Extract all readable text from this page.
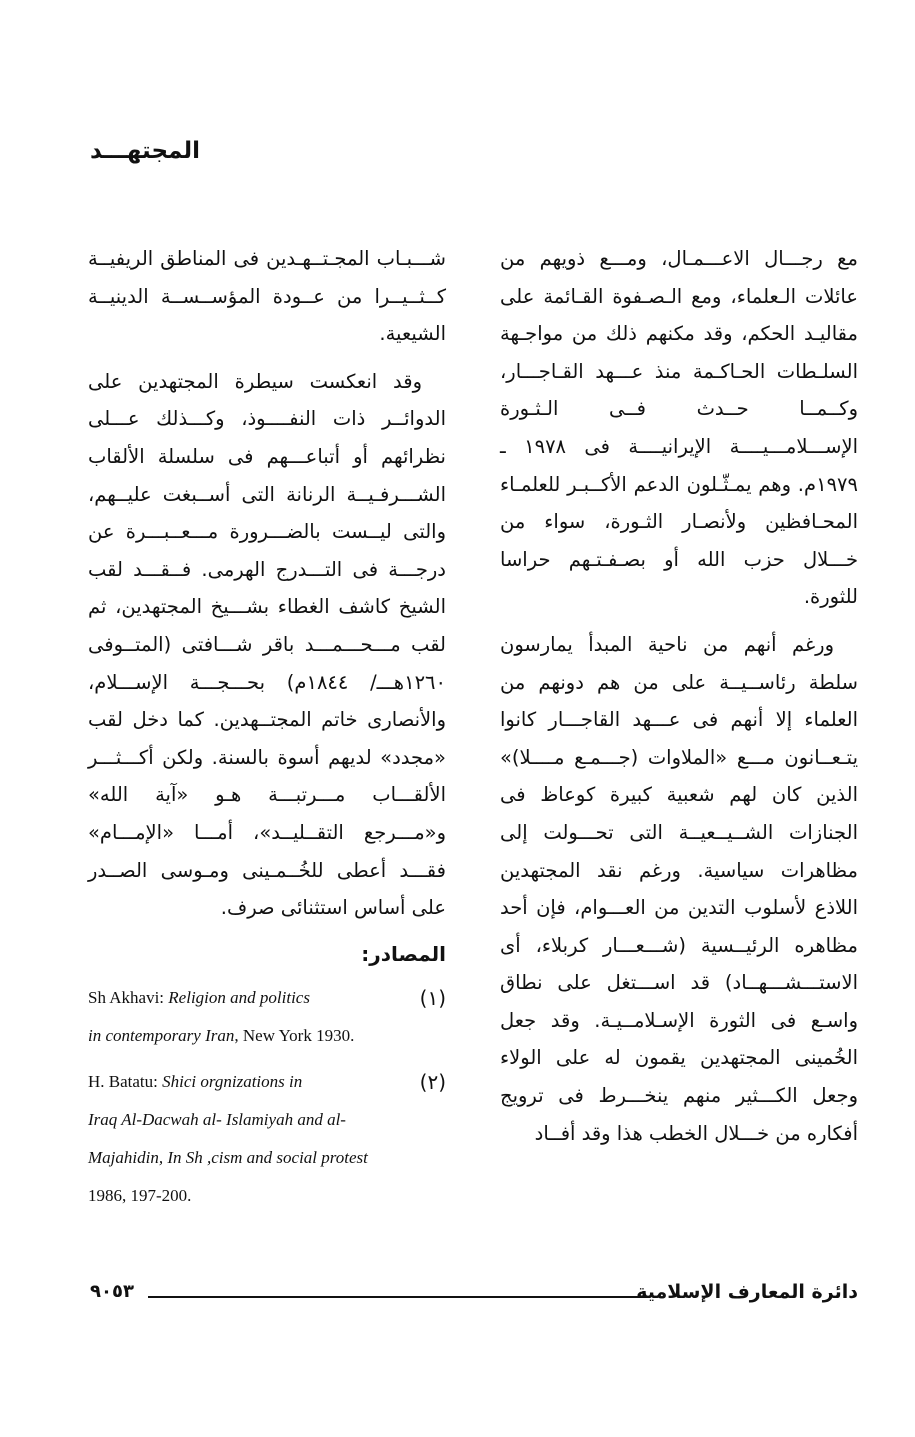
المجتهـــد

مع رجـــال الاعـــمـال، ومـــع ذويهم من عائلات الـعلماء، ومع الـصـفوة القـائمة على مقاليـد الحكم، وقد مكنهم ذلك من مواجـهة السلـطات الحـاكـمة منذ عـــهد القـاجـــار، وكــمــا حــدث فــى الـثـورة الإســـلامـــيــــة الإيرانيــــة فى ١٩٧٨ ـ ١٩٧٩م. وهم يمـثّـلون الدعم الأكــبـر للعلمـاء المحـافظين ولأنصـار الثـورة، سواء من خـــلال حزب الله أو بصـفـتـهم حراسا للثورة.

ورغم أنهم من ناحية المبدأ يمارسون سلطة رئاســيــة على من هم دونهم من العلماء إلا أنهم فى عـــهد القاجـــار كانوا يتـعــانون مـــع «الملاوات (جـــمـع مــــلا)» الذين كان لهم شعبية كبيرة كوعاظ فى الجنازات الشــيــعيــة التى تحـــولت إلى مظاهرات سياسية. ورغم نقد المجتهدين اللاذع لأسلوب التدين من العـــوام، فإن أحد مظاهره الرئيــسية (شـــعـــار كربلاء، أى الاستـــشـــهــاد) قد اســـتغل على نطاق واسـع فى الثورة الإسـلامــيـة. وقد جعل الخُمينى المجتهدين يقمون له على الولاء وجعل الكـــثير منهم ينخـــرط فى ترويج أفكاره من خـــلال الخطب هذا وقد أفــاد

شـــبـاب المجـتــهـدين فى المناطق الريفيــة كــثــيــرا من عــودة المؤســســة الدينيــة الشيعية.

وقد انعكست سيطرة المجتهدين على الدوائــر ذات النفــــوذ، وكـــذلك عـــلى نظرائهم أو أتباعـــهم فى سلسلة الألقاب الشـــرفـيــة الرنانة التى أســبغت عليــهم، والتى ليــست بالضـــرورة مـــعــبـــرة عن درجـــة فى التـــدرج الهرمى. فــقـــد لقب الشيخ كاشف الغطاء بشـــيخ المجتهدين، ثم لقب مـــحـــمـــد باقر شـــافتى (المتــوفى ١٢٦٠هـــ/ ١٨٤٤م) بحـــجـــة الإســـلام، والأنصارى خاتم المجتــهدين. كما دخل لقب «مجدد» لديهم أسوة بالسنة. ولكن أكـــثـــر الألقـــاب مـــرتبـــة هـو «آية الله» و«مـــرجع التقــليــد»، أمـــا «الإمـــام» فقـــد أعطى للخُــمـينى ومـوسى الصــدر على أساس استثنائى صرف.

المصادر:
(١)
Sh Akhavi: Religion and politics
in contemporary Iran, New York 1930.
(٢)
H. Batatu: Shici orgnizations in
Iraq Al-Dacwah al- Islamiyah and al-
Majahidin, In Sh ,cism and social protest
1986, 197-200.
٩٠٥٣	دائرة المعارف الإسلامية
